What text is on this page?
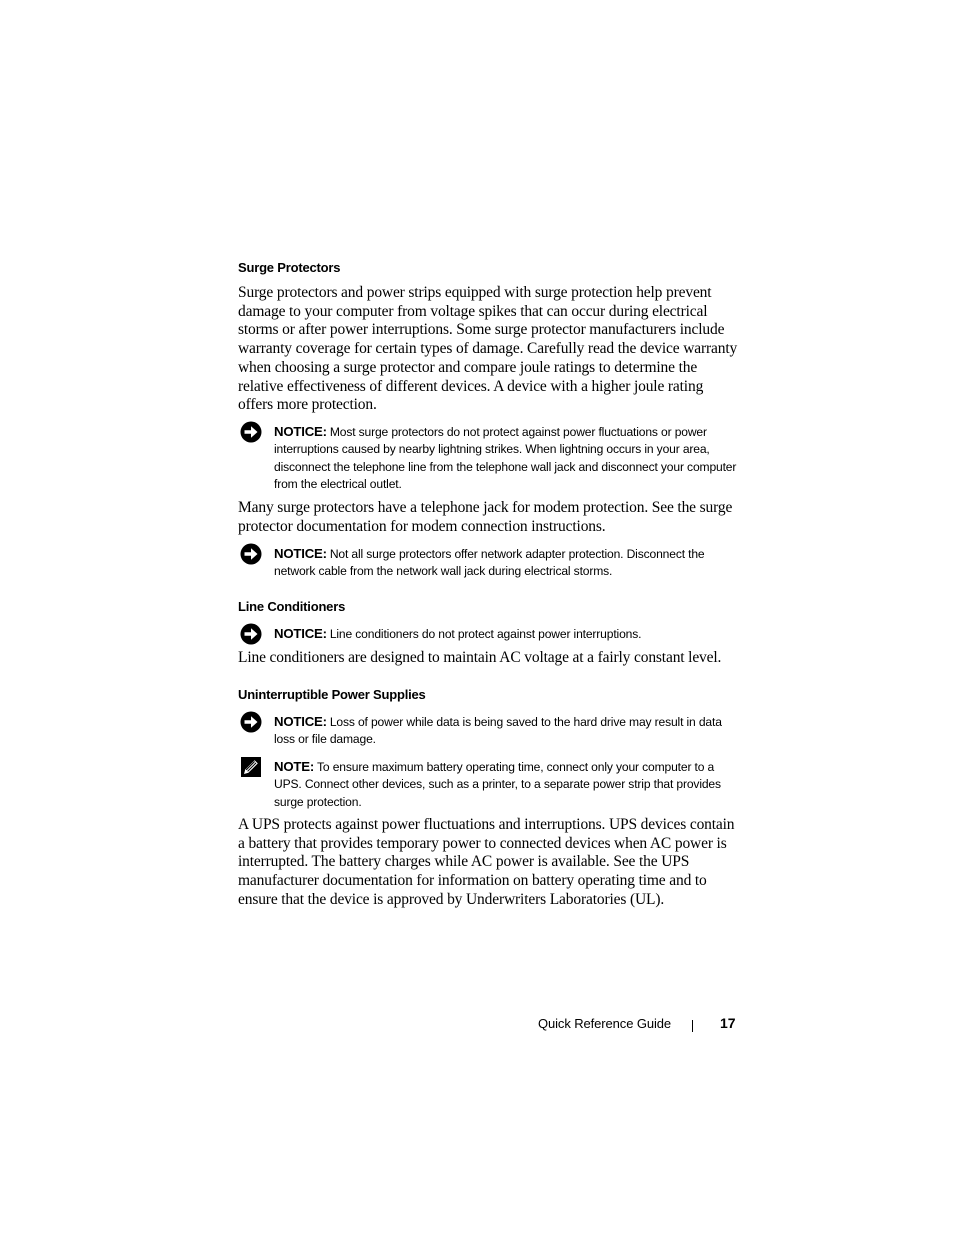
Surge Protectors
Surge protectors and power strips equipped with surge protection help prevent damage to your computer from voltage spikes that can occur during electrical storms or after power interruptions. Some surge protector manufacturers include warranty coverage for certain types of damage. Carefully read the device warranty when choosing a surge protector and compare joule ratings to determine the relative effectiveness of different devices. A device with a higher joule rating offers more protection.
NOTICE: Most surge protectors do not protect against power fluctuations or power interruptions caused by nearby lightning strikes. When lightning occurs in your area, disconnect the telephone line from the telephone wall jack and disconnect your computer from the electrical outlet.
Many surge protectors have a telephone jack for modem protection. See the surge protector documentation for modem connection instructions.
NOTICE: Not all surge protectors offer network adapter protection. Disconnect the network cable from the network wall jack during electrical storms.
Line Conditioners
NOTICE: Line conditioners do not protect against power interruptions.
Line conditioners are designed to maintain AC voltage at a fairly constant level.
Uninterruptible Power Supplies
NOTICE: Loss of power while data is being saved to the hard drive may result in data loss or file damage.
NOTE: To ensure maximum battery operating time, connect only your computer to a UPS. Connect other devices, such as a printer, to a separate power strip that provides surge protection.
A UPS protects against power fluctuations and interruptions. UPS devices contain a battery that provides temporary power to connected devices when AC power is interrupted. The battery charges while AC power is available. See the UPS manufacturer documentation for information on battery operating time and to ensure that the device is approved by Underwriters Laboratories (UL).
Quick Reference Guide	17
